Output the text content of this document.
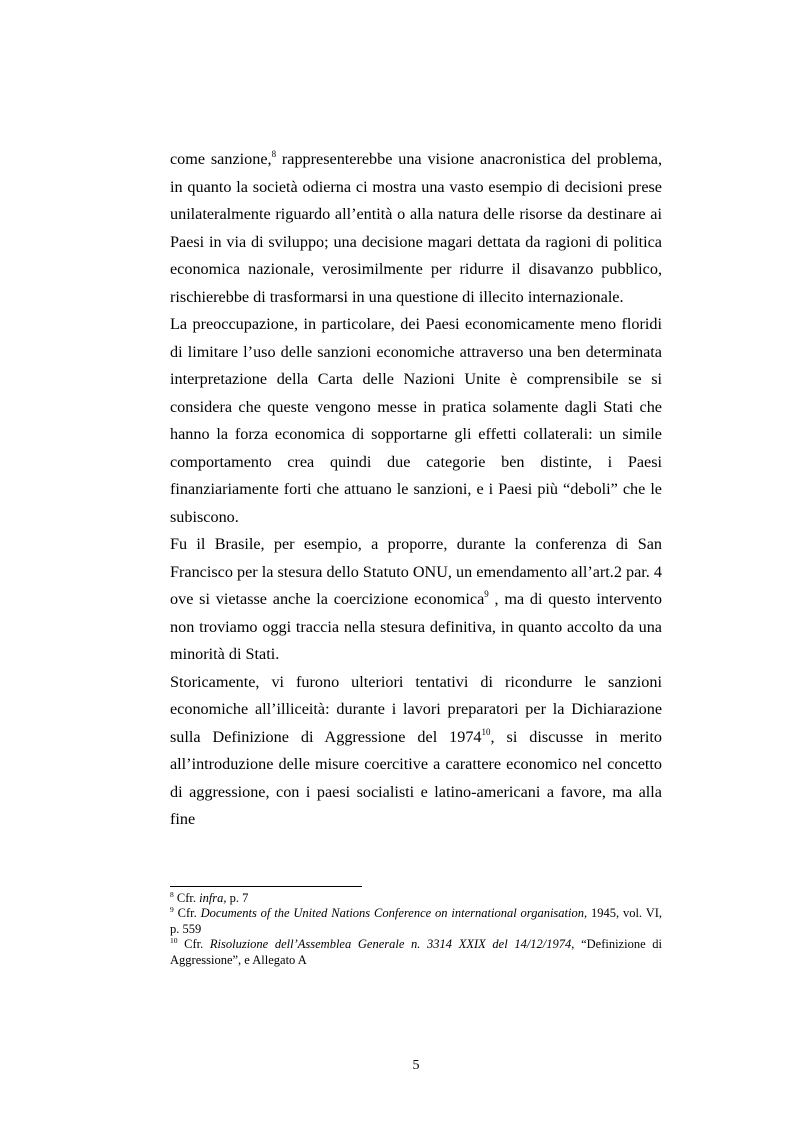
come sanzione,$^8$ rappresenterebbe una visione anacronistica del problema, in quanto la società odierna ci mostra una vasto esempio di decisioni prese unilateralmente riguardo all’entità o alla natura delle risorse da destinare ai Paesi in via di sviluppo; una decisione magari dettata da ragioni di politica economica nazionale, verosimilmente per ridurre il disavanzo pubblico, rischierebbe di trasformarsi in una questione di illecito internazionale.

La preoccupazione, in particolare, dei Paesi economicamente meno floridi di limitare l’uso delle sanzioni economiche attraverso una ben determinata interpretazione della Carta delle Nazioni Unite è comprensibile se si considera che queste vengono messe in pratica solamente dagli Stati che hanno la forza economica di sopportarne gli effetti collaterali: un simile comportamento crea quindi due categorie ben distinte, i Paesi finanziariamente forti che attuano le sanzioni, e i Paesi più “deboli” che le subiscono.

Fu il Brasile, per esempio, a proporre, durante la conferenza di San Francisco per la stesura dello Statuto ONU, un emendamento all’art.2 par. 4 ove si vietasse anche la coercizione economica$^9$ , ma di questo intervento non troviamo oggi traccia nella stesura definitiva, in quanto accolto da una minorità di Stati.

Storicamente, vi furono ulteriori tentativi di ricondurre le sanzioni economiche all’illiceità: durante i lavori preparatori per la Dichiarazione sulla Definizione di Aggressione del 1974$^{10}$, si discusse in merito all’introduzione delle misure coercitive a carattere economico nel concetto di aggressione, con i paesi socialisti e latino-americani a favore, ma alla fine

$^8$ Cfr. infra, p. 7

$^9$ Cfr. Documents of the United Nations Conference on international organisation, 1945, vol. VI, p. 559

$^{10}$ Cfr. Risoluzione dell’Assemblea Generale n. 3314 XXIX del 14/12/1974, “Definizione di Aggressione”, e Allegato A

5
